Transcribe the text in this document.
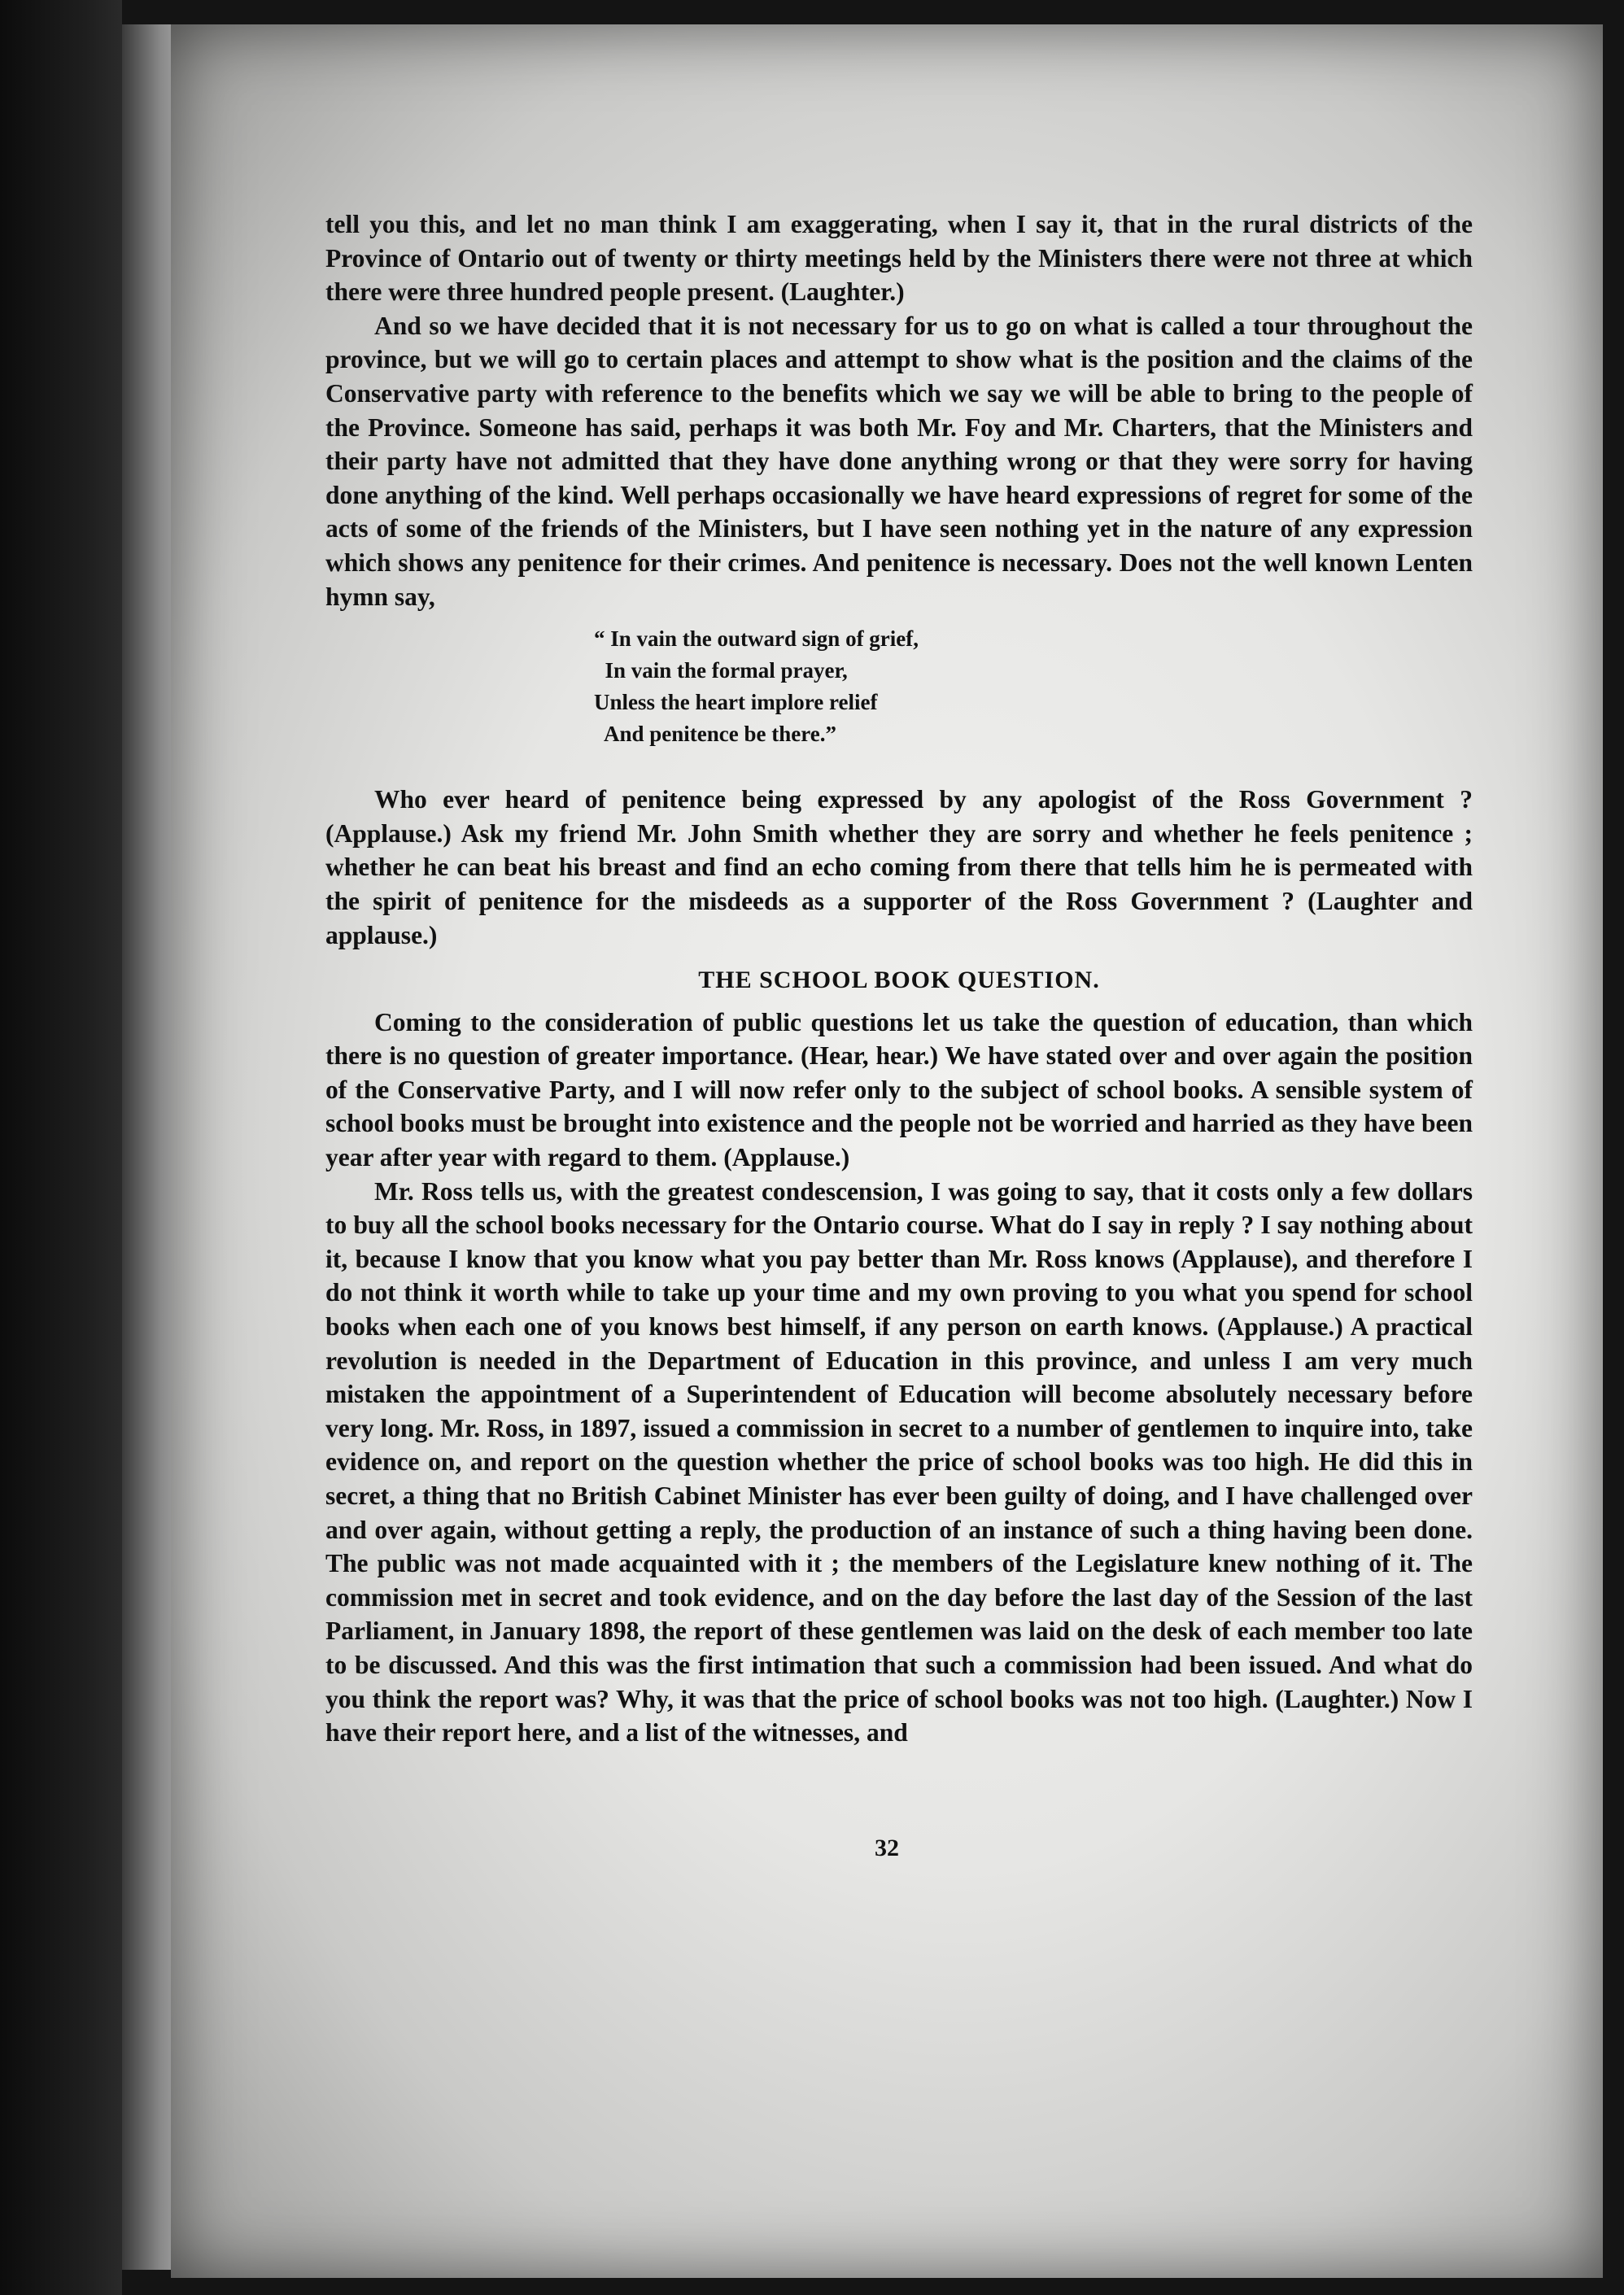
tell you this, and let no man think I am exaggerating, when I say it, that in the rural districts of the Province of Ontario out of twenty or thirty meetings held by the Ministers there were not three at which there were three hundred people present. (Laughter.)

And so we have decided that it is not necessary for us to go on what is called a tour throughout the province, but we will go to certain places and attempt to show what is the position and the claims of the Conservative party with reference to the benefits which we say we will be able to bring to the people of the Province. Someone has said, perhaps it was both Mr. Foy and Mr. Charters, that the Ministers and their party have not admitted that they have done anything wrong or that they were sorry for having done anything of the kind. Well perhaps occasionally we have heard expressions of regret for some of the acts of some of the friends of the Ministers, but I have seen nothing yet in the nature of any expression which shows any penitence for their crimes. And penitence is necessary. Does not the well known Lenten hymn say,

“ In vain the outward sign of grief,
In vain the formal prayer,
Unless the heart implore relief
And penitence be there.”

Who ever heard of penitence being expressed by any apologist of the Ross Government ? (Applause.) Ask my friend Mr. John Smith whether they are sorry and whether he feels penitence ; whether he can beat his breast and find an echo coming from there that tells him he is permeated with the spirit of penitence for the misdeeds as a supporter of the Ross Government ? (Laughter and applause.)

THE SCHOOL BOOK QUESTION.

Coming to the consideration of public questions let us take the question of education, than which there is no question of greater importance. (Hear, hear.) We have stated over and over again the position of the Conservative Party, and I will now refer only to the subject of school books. A sensible system of school books must be brought into existence and the people not be worried and harried as they have been year after year with regard to them. (Applause.)

Mr. Ross tells us, with the greatest condescension, I was going to say, that it costs only a few dollars to buy all the school books necessary for the Ontario course. What do I say in reply ? I say nothing about it, because I know that you know what you pay better than Mr. Ross knows (Applause), and therefore I do not think it worth while to take up your time and my own proving to you what you spend for school books when each one of you knows best himself, if any person on earth knows. (Applause.) A practical revolution is needed in the Department of Education in this province, and unless I am very much mistaken the appointment of a Superintendent of Education will become absolutely necessary before very long. Mr. Ross, in 1897, issued a commission in secret to a number of gentlemen to inquire into, take evidence on, and report on the question whether the price of school books was too high. He did this in secret, a thing that no British Cabinet Minister has ever been guilty of doing, and I have challenged over and over again, without getting a reply, the production of an instance of such a thing having been done. The public was not made acquainted with it ; the members of the Legislature knew nothing of it. The commission met in secret and took evidence, and on the day before the last day of the Session of the last Parliament, in January 1898, the report of these gentlemen was laid on the desk of each member too late to be discussed. And this was the first intimation that such a commission had been issued. And what do you think the report was? Why, it was that the price of school books was not too high. (Laughter.) Now I have their report here, and a list of the witnesses, and

32
